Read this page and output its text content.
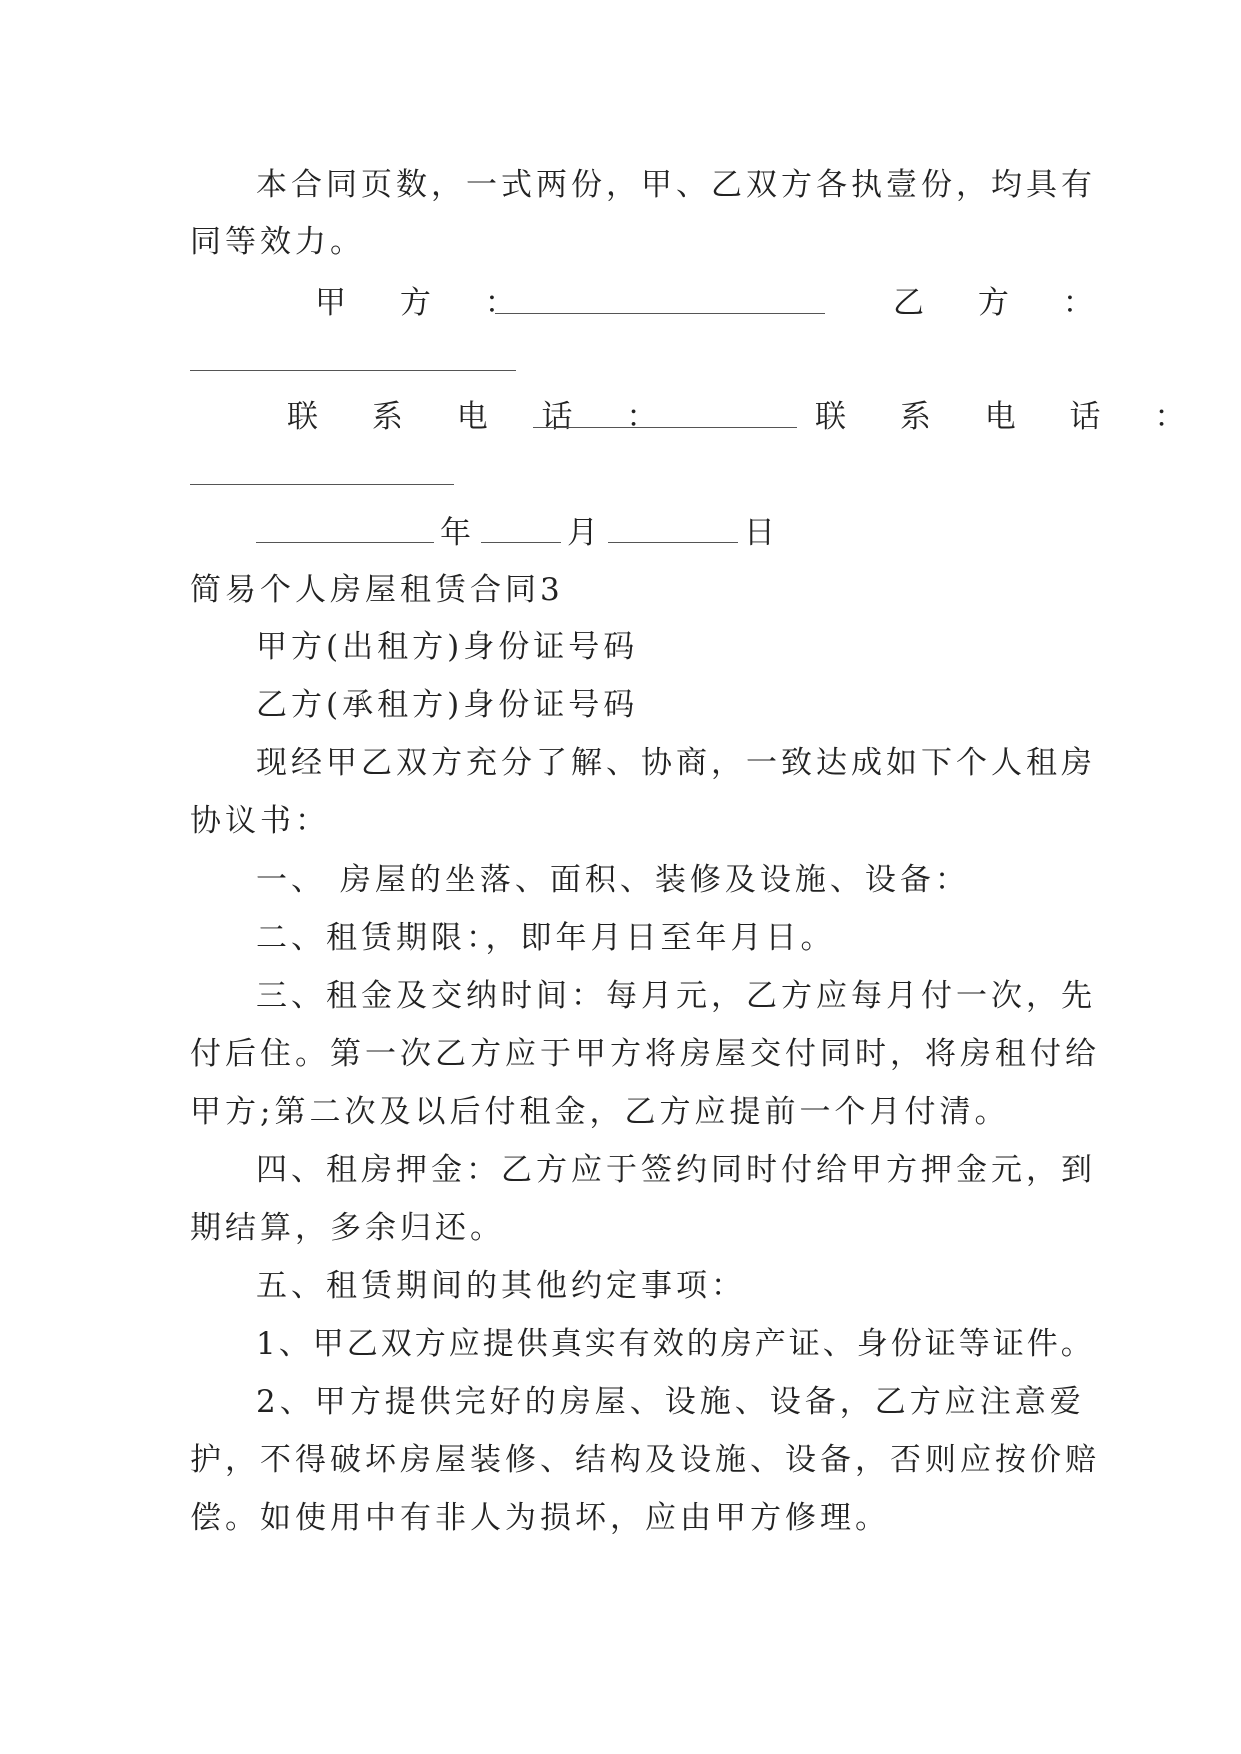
本合同页数，一式两份，甲、乙双方各执壹份，均具有
同等效力。
甲 方 ：	乙 方 ：
联 系 电 话 ：	联 系 电 话 ：
年	月	日
简易个人房屋租赁合同3
甲方(出租方)身份证号码
乙方(承租方)身份证号码
现经甲乙双方充分了解、协商，一致达成如下个人租房
协议书：
一、 房屋的坐落、面积、装修及设施、设备：
二、租赁期限：，即年月日至年月日。
三、租金及交纳时间：每月元，乙方应每月付一次，先
付后住。第一次乙方应于甲方将房屋交付同时，将房租付给
甲方;第二次及以后付租金，乙方应提前一个月付清。
四、租房押金：乙方应于签约同时付给甲方押金元，到
期结算，多余归还。
五、租赁期间的其他约定事项：
1、甲乙双方应提供真实有效的房产证、身份证等证件。
2、甲方提供完好的房屋、设施、设备，乙方应注意爱
护，不得破坏房屋装修、结构及设施、设备，否则应按价赔
偿。如使用中有非人为损坏，应由甲方修理。
